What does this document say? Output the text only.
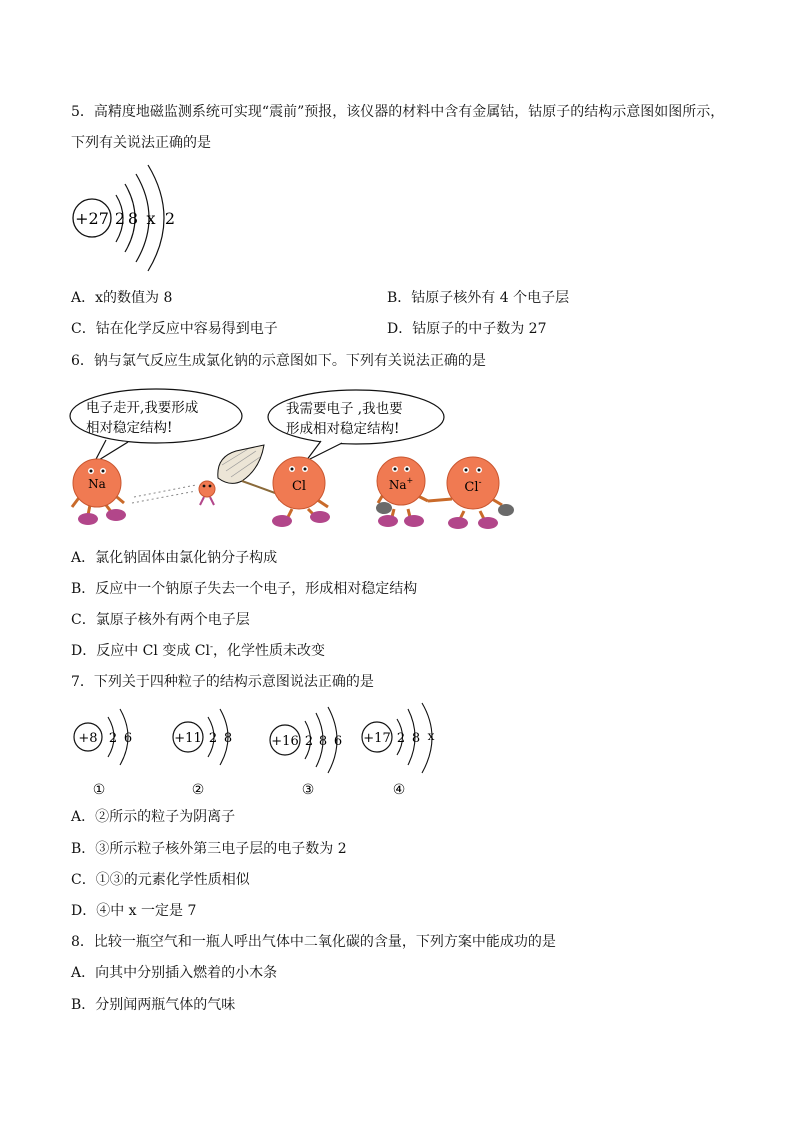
5．高精度地磁监测系统可实现“震前”预报，该仪器的材料中含有金属钴，钴原子的结构示意图如图所示，
下列有关说法正确的是
+27 2 8 x 2
A．x的数值为 8	B．钴原子核外有 4 个电子层
C．钴在化学反应中容易得到电子	D．钴原子的中子数为 27
6．钠与氯气反应生成氯化钠的示意图如下。下列有关说法正确的是
电子走开,我要形成
相对稳定结构!
我需要电子 ,我也要
形成相对稳定结构!
Na	Cl	Na+	Cl-
A．氯化钠固体由氯化钠分子构成
B．反应中一个钠原子失去一个电子，形成相对稳定结构
C．氯原子核外有两个电子层
D．反应中 Cl 变成 Cl-，化学性质未改变
7．下列关于四种粒子的结构示意图说法正确的是
+8 2 6
①
+11 2 8
②
+16 2 8 6
③
+17 2 8 x
④
A．②所示的粒子为阴离子
B．③所示粒子核外第三电子层的电子数为 2
C．①③的元素化学性质相似
D．④中 x 一定是 7
8．比较一瓶空气和一瓶人呼出气体中二氧化碳的含量，下列方案中能成功的是
A．向其中分别插入燃着的小木条
B．分别闻两瓶气体的气味
